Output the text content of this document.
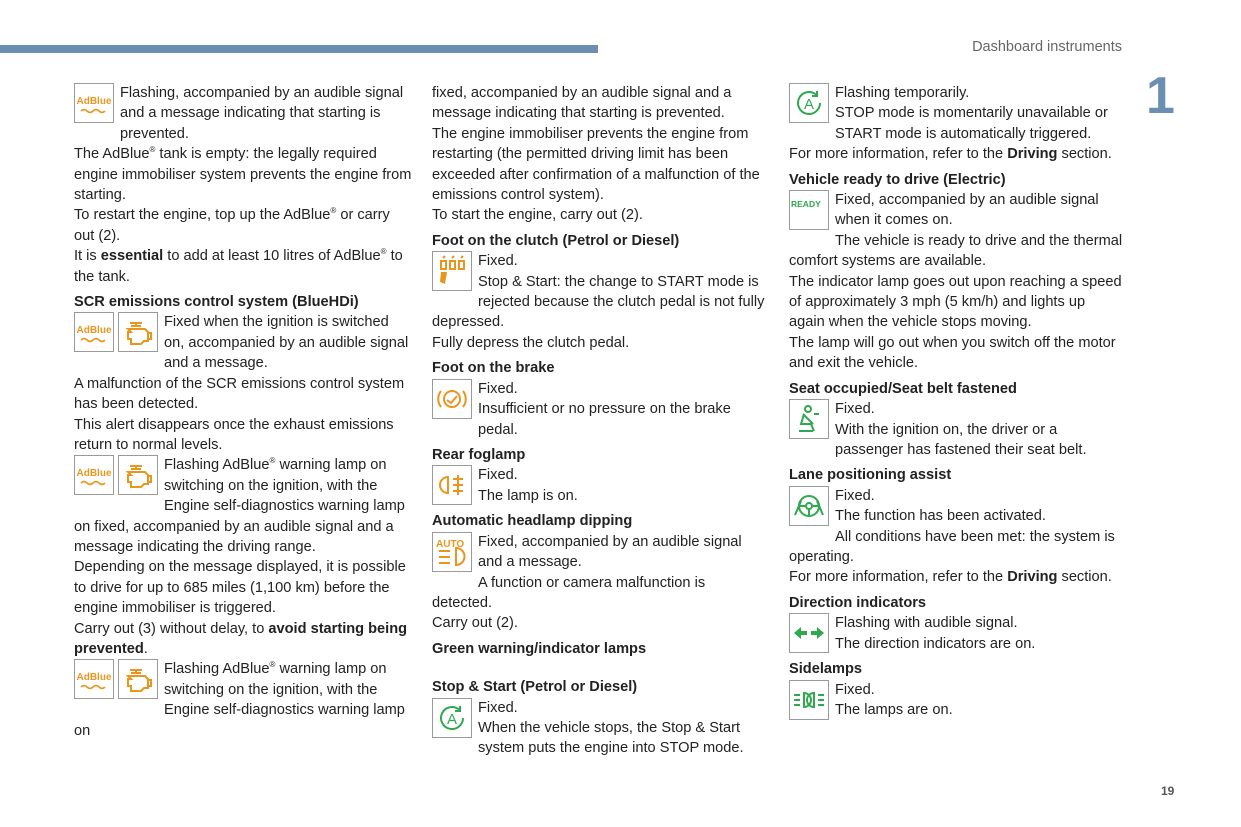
Dashboard instruments
1
19
AdBlue

Flashing, accompanied by an audible signal and a message indicating that starting is prevented.

The AdBlue® tank is empty: the legally required engine immobiliser system prevents the engine from starting.

To restart the engine, top up the AdBlue® or carry out (2).

It is essential to add at least 10 litres of AdBlue® to the tank.

SCR emissions control system (BlueHDi)
AdBlue

Fixed when the ignition is switched on, accompanied by an audible signal and a message.

A malfunction of the SCR emissions control system has been detected.

This alert disappears once the exhaust emissions return to normal levels.

AdBlue

Flashing AdBlue® warning lamp on switching on the ignition, with the Engine self-diagnostics warning lamp on fixed, accompanied by an audible signal and a message indicating the driving range.

Depending on the message displayed, it is possible to drive for up to 685 miles (1,100 km) before the engine immobiliser is triggered.

Carry out (3) without delay, to avoid starting being prevented.

AdBlue

Flashing AdBlue® warning lamp on switching on the ignition, with the Engine self-diagnostics warning lamp on

fixed, accompanied by an audible signal and a message indicating that starting is prevented.

The engine immobiliser prevents the engine from restarting (the permitted driving limit has been exceeded after confirmation of a malfunction of the emissions control system).

To start the engine, carry out (2).

Foot on the clutch (Petrol or Diesel)

Fixed.

Stop & Start: the change to START mode is rejected because the clutch pedal is not fully depressed.

Fully depress the clutch pedal.

Foot on the brake

Fixed.

Insufficient or no pressure on the brake pedal.

Rear foglamp

Fixed.

The lamp is on.

Automatic headlamp dipping
AUTO Fixed, accompanied by an audible signal and a message.

A function or camera malfunction is detected.

Carry out (2).

Green warning/indicator lamps
Stop & Start (Petrol or Diesel)
A

Fixed.

When the vehicle stops, the Stop & Start system puts the engine into STOP mode.

A

Flashing temporarily.

STOP mode is momentarily unavailable or START mode is automatically triggered.

For more information, refer to the Driving section.

Vehicle ready to drive (Electric)
READY Fixed, accompanied by an audible signal when it comes on.

The vehicle is ready to drive and the thermal comfort systems are available.

The indicator lamp goes out upon reaching a speed of approximately 3 mph (5 km/h) and lights up again when the vehicle stops moving.

The lamp will go out when you switch off the motor and exit the vehicle.

Seat occupied/Seat belt fastened

Fixed.

With the ignition on, the driver or a passenger has fastened their seat belt.

Lane positioning assist

Fixed.

The function has been activated.

All conditions have been met: the system is operating.

For more information, refer to the Driving section.

Direction indicators

Flashing with audible signal.

The direction indicators are on.

Sidelamps

Fixed.

The lamps are on.
